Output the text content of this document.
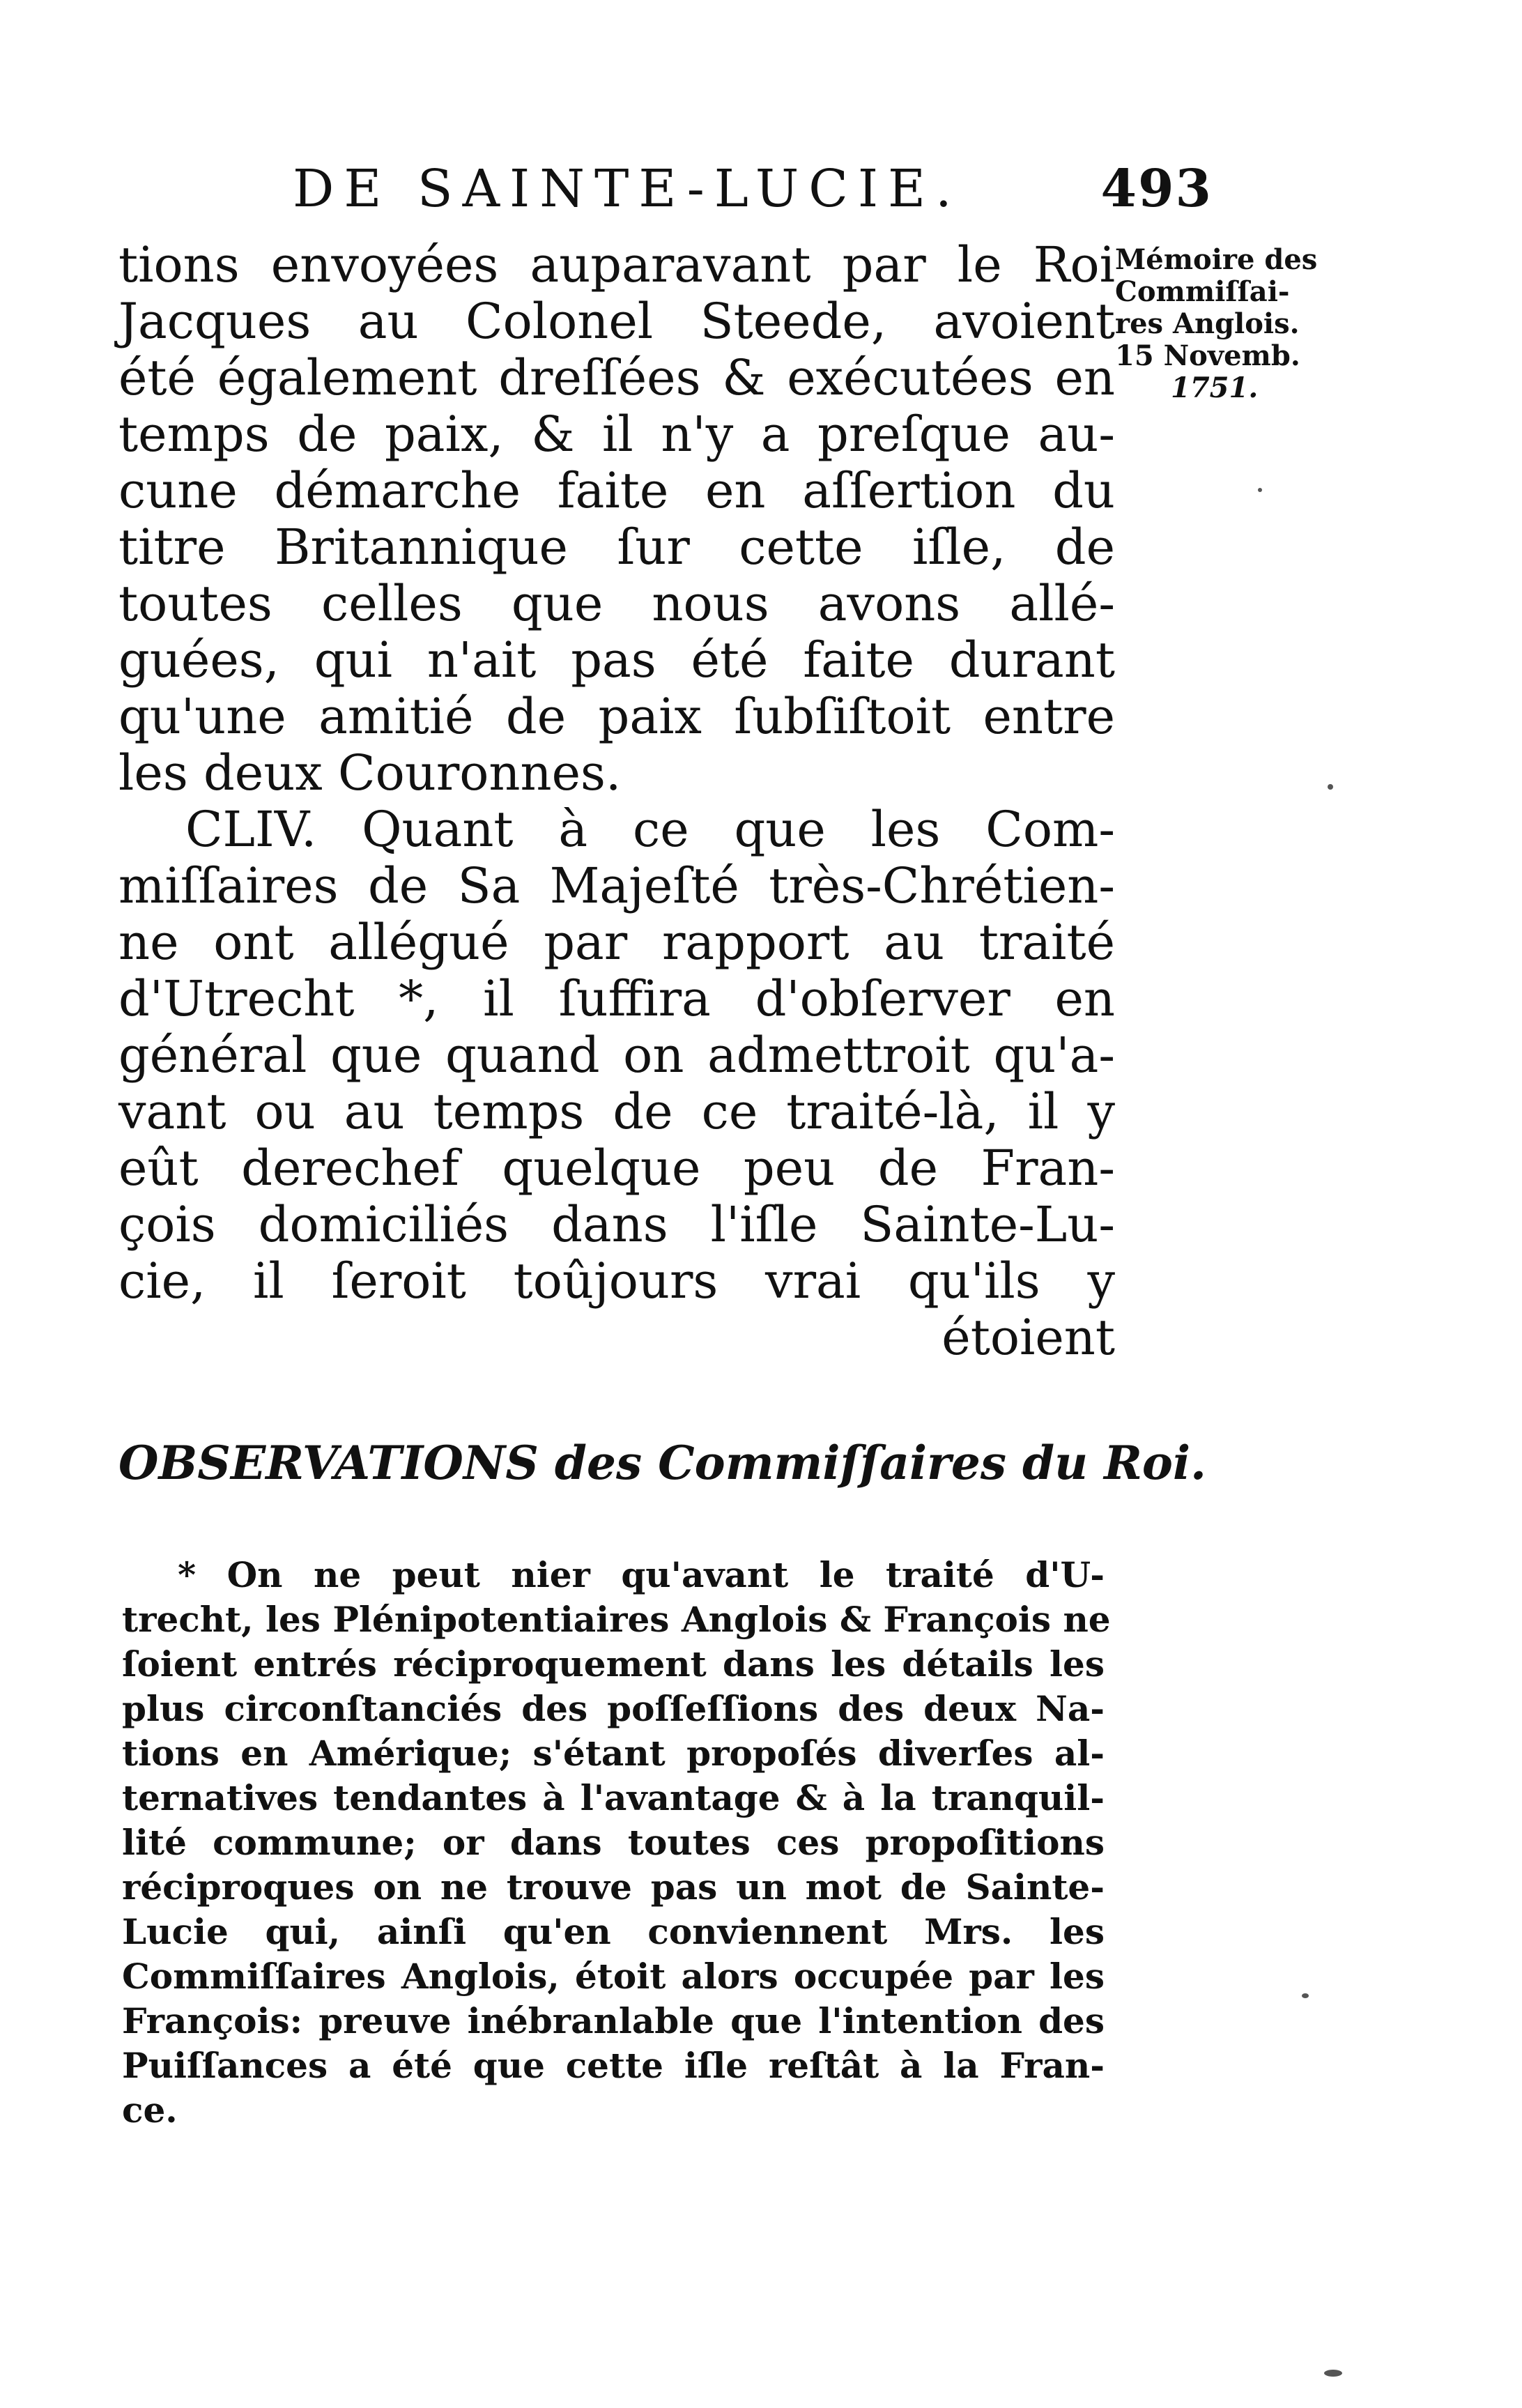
DE SAINTE-LUCIE.	493
tions envoyées auparavant par le Roi
Jacques au Colonel Steede, avoient
été également dreſſées & exécutées en
temps de paix, & il n'y a preſque au-
cune démarche faite en aſſertion du
titre Britannique ſur cette iſle, de
toutes celles que nous avons allé-
guées, qui n'ait pas été faite durant
qu'une amitié de paix ſubſiſtoit entre
les deux Couronnes.
CLIV. Quant à ce que les Com-
miſſaires de Sa Majeſté très-Chrétien-
ne ont allégué par rapport au traité
d'Utrecht *, il ſuffira d'obſerver en
général que quand on admettroit qu'a-
vant ou au temps de ce traité-là, il y
eût derechef quelque peu de Fran-
çois domiciliés dans l'iſle Sainte-Lu-
cie, il ſeroit toûjours vrai qu'ils y
étoient
Mémoire des
Commiſſai-
res Anglois.
15 Novemb.
1751.
OBSERVATIONS des Commiſſaires du Roi.
* On ne peut nier qu'avant le traité d'U-
trecht, les Plénipotentiaires Anglois & François ne
ſoient entrés réciproquement dans les détails les
plus circonſtanciés des poſſeſſions des deux Na-
tions en Amérique; s'étant propoſés diverſes al-
ternatives tendantes à l'avantage & à la tranquil-
lité commune; or dans toutes ces propoſitions
réciproques on ne trouve pas un mot de Sainte-
Lucie qui, ainſi qu'en conviennent Mrs. les
Commiſſaires Anglois, étoit alors occupée par les
François: preuve inébranlable que l'intention des
Puiſſances a été que cette iſle reſtât à la Fran-
ce.
